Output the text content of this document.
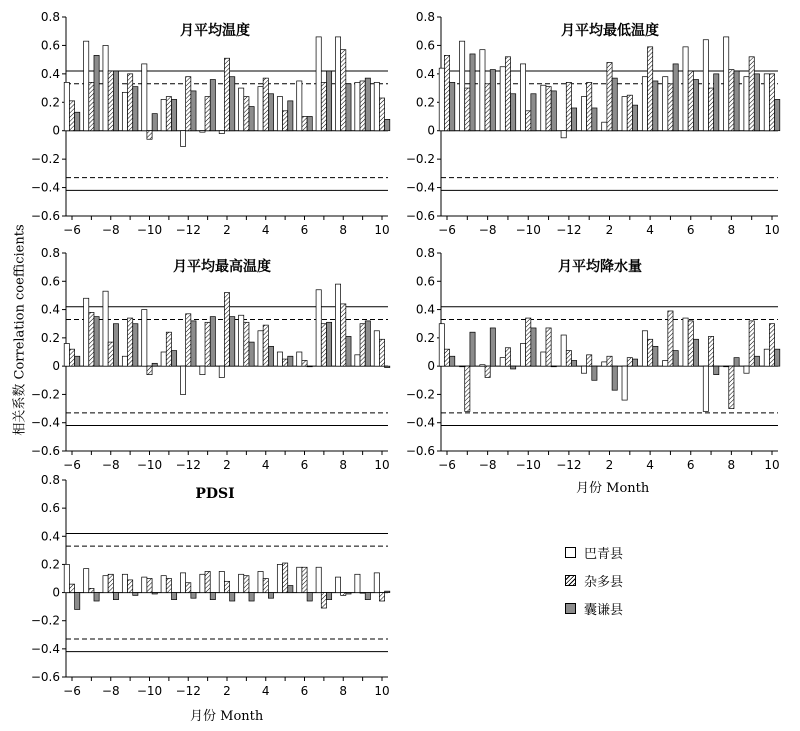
−0.6
−0.4
−0.2
0
0.2
0.4
0.6
0.8
−6 −8 −10 −12 2	4	6	8 10
月平均温度
−0.6
−0.4
−0.2
0
0.2
0.4
0.6
0.8
−6 −8 −10 −12 2	4	6	8 10
月平均最低温度
−0.6
−0.4
−0.2
0
0.2
0.4
0.6
0.8
−6 −8 −10 −12 2	4	6	8 10
月平均最高温度
−0.6
−0.4
−0.2
0
0.2
0.4
0.6
0.8
−6 −8 −10 −12 2	4	6	8 10
月平均降水量
−0.6
−0.4
−0.2
0
0.2
0.4
0.6
0.8
−6 −8 −10 −12 2	4	6	8 10
PDSI
相关系数 Correlation coefficients
月份 Month
月份 Month
巴青县
杂多县
囊谦县
